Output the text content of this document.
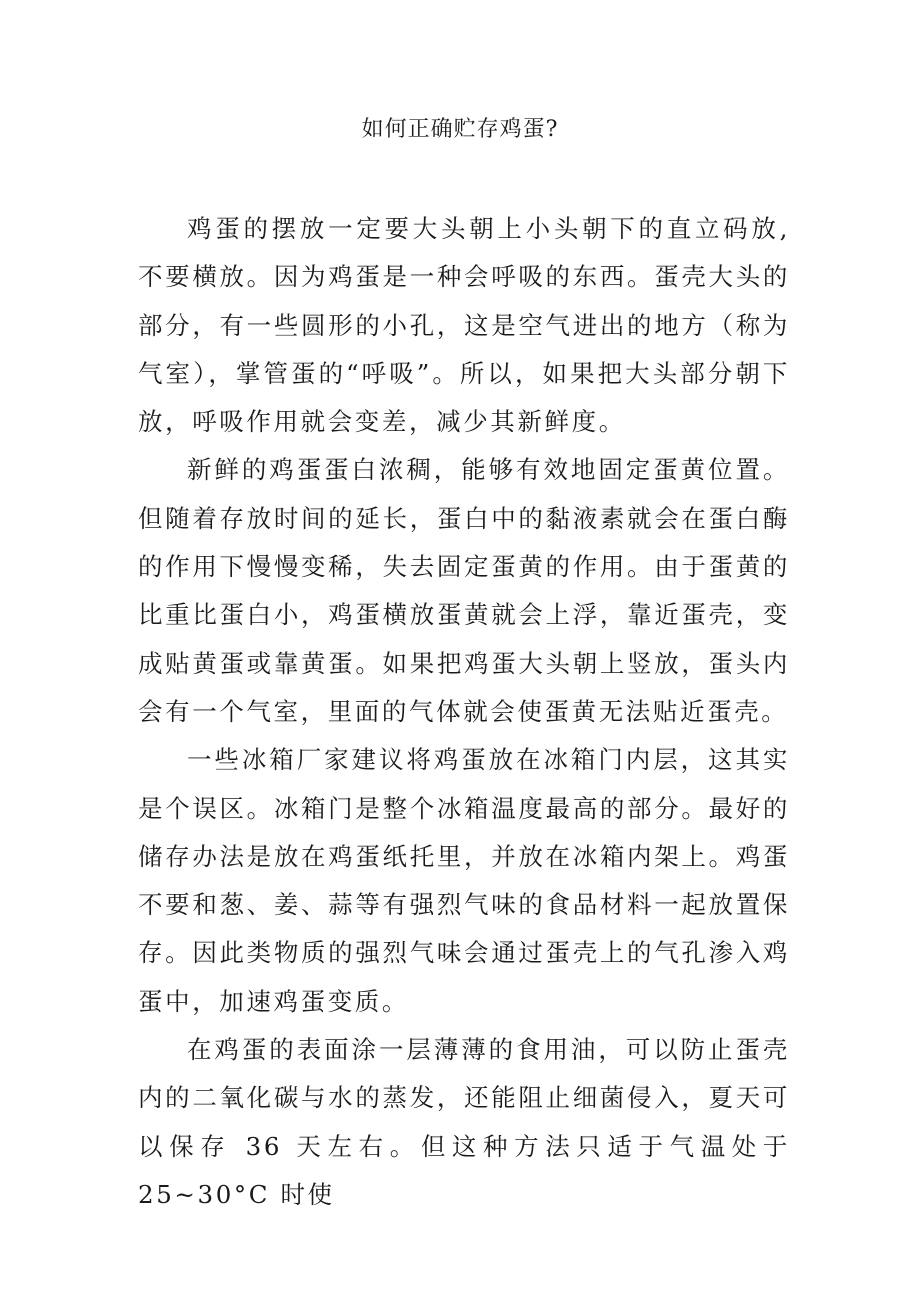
如何正确贮存鸡蛋?

鸡蛋的摆放一定要大头朝上小头朝下的直立码放,不要横放。因为鸡蛋是一种会呼吸的东西。蛋壳大头的部分，有一些圆形的小孔，这是空气进出的地方（称为气室），掌管蛋的“呼吸”。所以，如果把大头部分朝下放，呼吸作用就会变差，减少其新鲜度。

新鲜的鸡蛋蛋白浓稠，能够有效地固定蛋黄位置。但随着存放时间的延长，蛋白中的黏液素就会在蛋白酶的作用下慢慢变稀，失去固定蛋黄的作用。由于蛋黄的比重比蛋白小，鸡蛋横放蛋黄就会上浮，靠近蛋壳，变成贴黄蛋或靠黄蛋。如果把鸡蛋大头朝上竖放，蛋头内会有一个气室，里面的气体就会使蛋黄无法贴近蛋壳。

一些冰箱厂家建议将鸡蛋放在冰箱门内层，这其实是个误区。冰箱门是整个冰箱温度最高的部分。最好的储存办法是放在鸡蛋纸托里，并放在冰箱内架上。鸡蛋不要和葱、姜、蒜等有强烈气味的食品材料一起放置保存。因此类物质的强烈气味会通过蛋壳上的气孔渗入鸡蛋中，加速鸡蛋变质。

在鸡蛋的表面涂一层薄薄的食用油，可以防止蛋壳内的二氧化碳与水的蒸发，还能阻止细菌侵入，夏天可以保存 36 天左右。但这种方法只适于气温处于 25~30°C 时使
